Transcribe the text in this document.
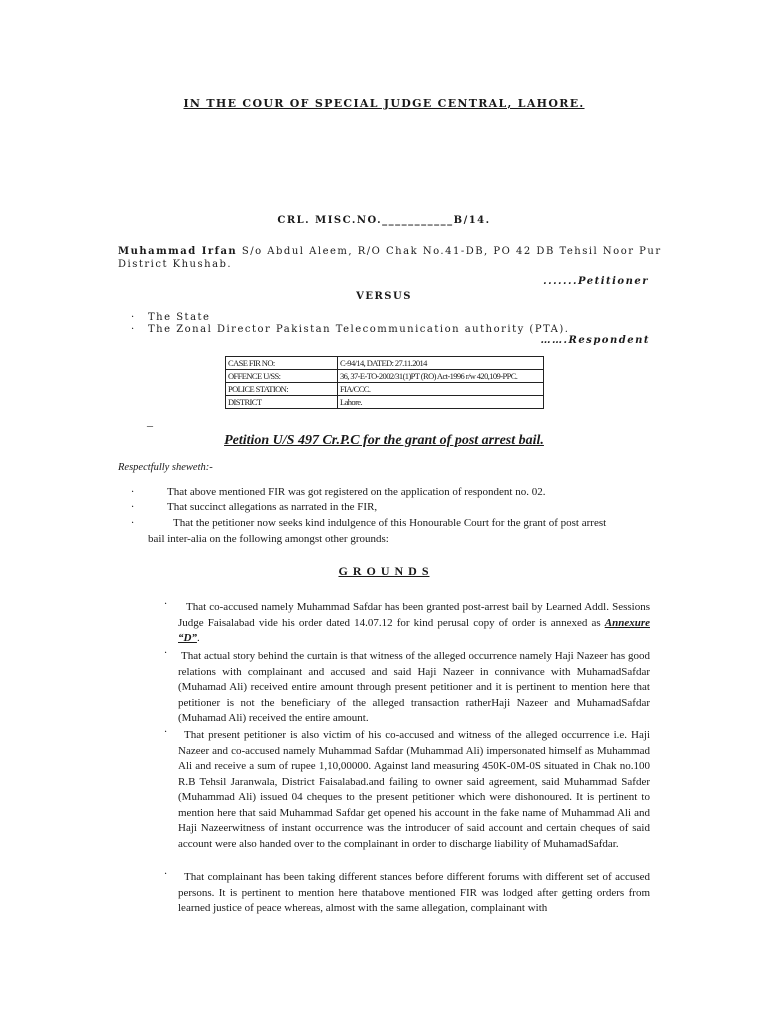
IN THE COUR OF SPECIAL JUDGE CENTRAL, LAHORE.
CRL. MISC.NO.___________B/14.
Muhammad Irfan S/o Abdul Aleem, R/O Chak No.41-DB, PO 42 DB Tehsil Noor Pur
District Khushab.
.......Petitioner
VERSUS
· The State
· The Zonal Director Pakistan Telecommunication authority (PTA).
…….Respondent
CASE FIR NO:	C-94/14, DATED: 27.11.2014
OFFENCE U/SS:	36, 37-E-TO-2002/31(1)PT (RO) Act-1996 r/w 420,109-PPC.
POLICE STATION:	FIA/CCC.
DISTRICT	Lahore.
_
Petition U/S 497 Cr.P.C for the grant of post arrest bail.
Respectfully sheweth:-
·	That above mentioned FIR was got registered on the application of respondent no. 02.
·	That succinct allegations as narrated in the FIR,
·	That the petitioner now seeks kind indulgence of this Honourable Court for the grant of post arrest
bail inter-alia on the following amongst other grounds:
G R O U N D S
·	That co-accused namely Muhammad Safdar has been granted post-arrest bail by Learned Addl. Sessions Judge Faisalabad vide his order dated 14.07.12 for kind perusal copy of order is annexed as Annexure “D”.
· That actual story behind the curtain is that witness of the alleged occurrence namely Haji Nazeer has good relations with complainant and accused and said Haji Nazeer in connivance with MuhamadSafdar (Muhamad Ali) received entire amount through present petitioner and it is pertinent to mention here that petitioner is not the beneficiary of the alleged transaction ratherHaji Nazeer and MuhamadSafdar (Muhamad Ali) received the entire amount.
·	That present petitioner is also victim of his co-accused and witness of the alleged occurrence i.e. Haji Nazeer and co-accused namely Muhammad Safdar (Muhammad Ali) impersonated himself as Muhammad Ali and receive a sum of rupee 1,10,00000. Against land measuring 450K-0M-0S situated in Chak no.100 R.B Tehsil Jaranwala, District Faisalabad.and failing to owner said agreement, said Muhammad Safder (Muhammad Ali) issued 04 cheques to the present petitioner which were dishonoured. It is pertinent to mention here that said Muhammad Safdar get opened his account in the fake name of Muhammad Ali and Haji Nazeerwitness of instant occurrence was the introducer of said account and certain cheques of said account were also handed over to the complainant in order to discharge liability of MuhamadSafdar.
·	That complainant has been taking different stances before different forums with different set of accused persons. It is pertinent to mention here thatabove mentioned FIR was lodged after getting orders from learned justice of peace whereas, almost with the same allegation, complainant with
